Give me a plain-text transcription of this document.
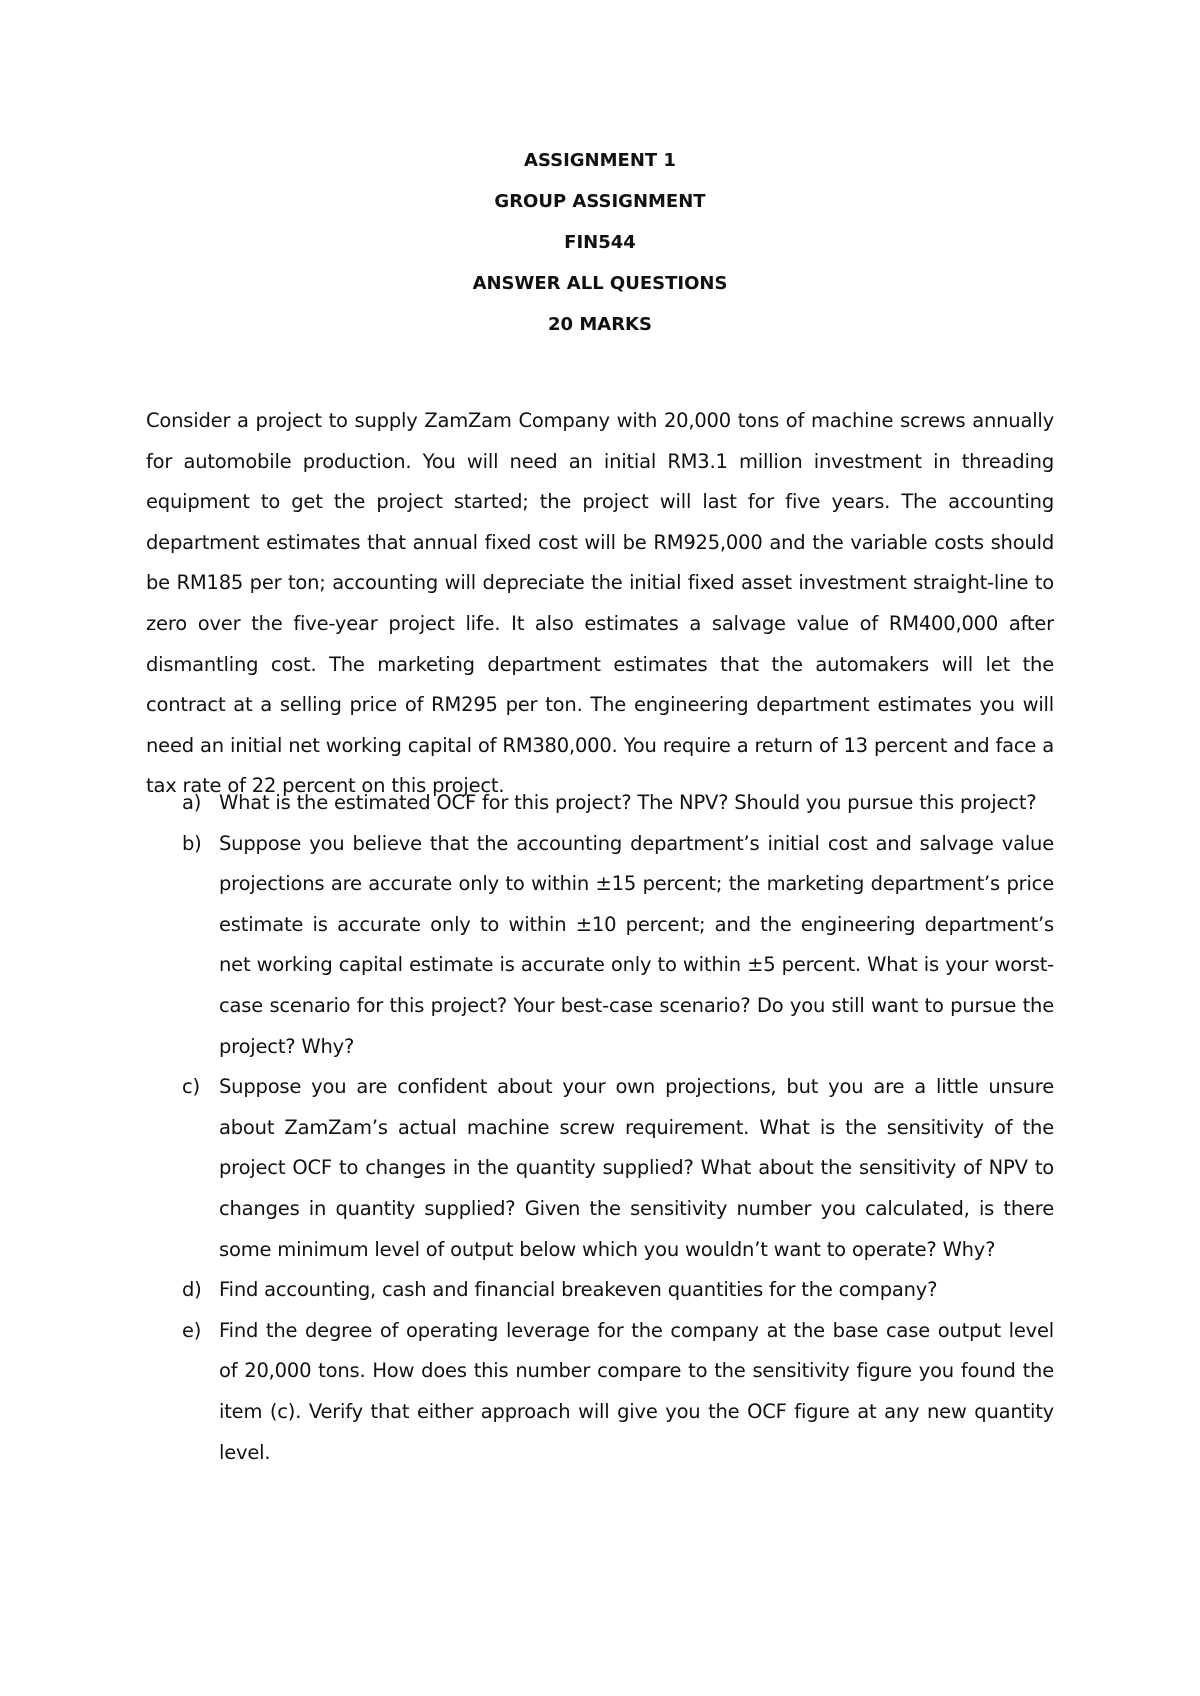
ASSIGNMENT 1
GROUP ASSIGNMENT
FIN544
ANSWER ALL QUESTIONS
20 MARKS

Consider a project to supply ZamZam Company with 20,000 tons of machine screws annually for automobile production. You will need an initial RM3.1 million investment in threading equipment to get the project started; the project will last for five years. The accounting department estimates that annual fixed cost will be RM925,000 and the variable costs should be RM185 per ton; accounting will depreciate the initial fixed asset investment straight-line to zero over the five-year project life. It also estimates a salvage value of RM400,000 after dismantling cost. The marketing department estimates that the automakers will let the contract at a selling price of RM295 per ton. The engineering department estimates you will need an initial net working capital of RM380,000. You require a return of 13 percent and face a tax rate of 22 percent on this project.

a) What is the estimated OCF for this project? The NPV? Should you pursue this project?
b) Suppose you believe that the accounting department’s initial cost and salvage value projections are accurate only to within ±15 percent; the marketing department’s price estimate is accurate only to within ±10 percent; and the engineering department’s net working capital estimate is accurate only to within ±5 percent. What is your worst-case scenario for this project? Your best-case scenario? Do you still want to pursue the project? Why?
c) Suppose you are confident about your own projections, but you are a little unsure about ZamZam’s actual machine screw requirement. What is the sensitivity of the project OCF to changes in the quantity supplied? What about the sensitivity of NPV to changes in quantity supplied? Given the sensitivity number you calculated, is there some minimum level of output below which you wouldn’t want to operate? Why?
d) Find accounting, cash and financial breakeven quantities for the company?
e) Find the degree of operating leverage for the company at the base case output level of 20,000 tons. How does this number compare to the sensitivity figure you found the item (c). Verify that either approach will give you the OCF figure at any new quantity level.
